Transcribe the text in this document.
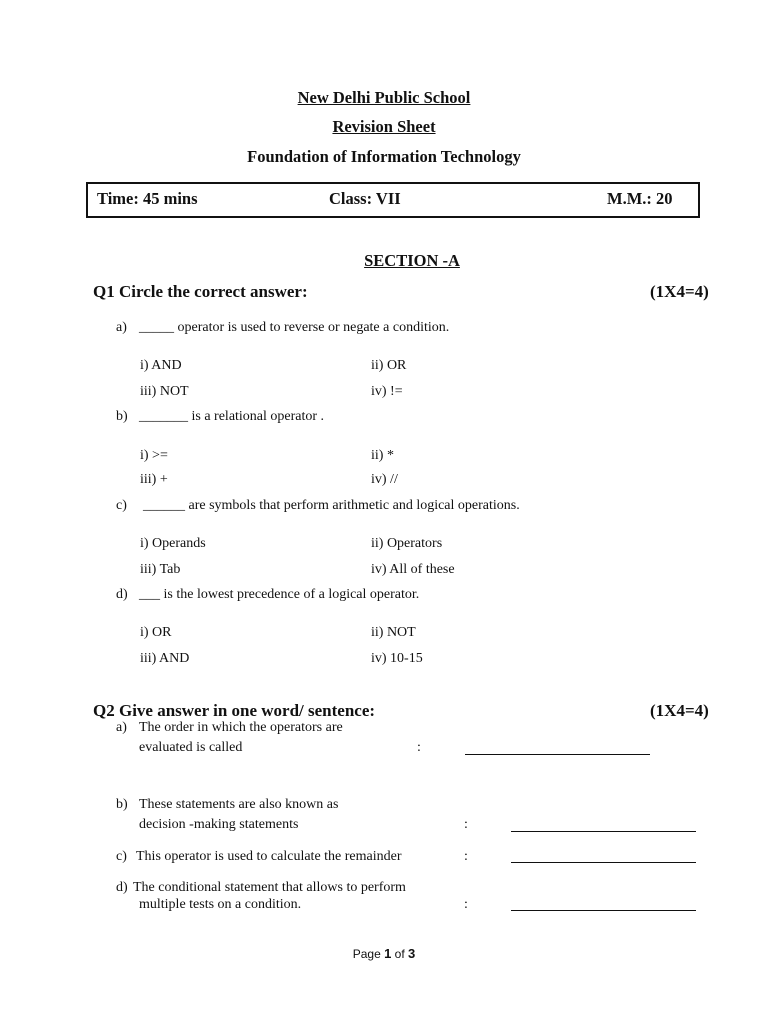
New Delhi Public School
Revision Sheet
Foundation of Information Technology
Time: 45 mins	Class: VII	M.M.: 20
SECTION -A
Q1 Circle the correct answer:	(1X4=4)
a) _____ operator is used to reverse or negate a condition.
i) AND	ii) OR
iii) NOT	iv) !=
b) _______ is a relational operator .
i) >=	ii) *
iii) +	iv) //
c) ______ are symbols that perform arithmetic and logical operations.
i) Operands	ii) Operators
iii) Tab	iv) All of these
d) ___ is the lowest precedence of a logical operator.
i) OR	ii) NOT
iii) AND	iv) 10-15
Q2 Give answer in one word/ sentence:	(1X4=4)
a) The order in which the operators are
evaluated is called	:
b) These statements are also known as
decision -making statements	:
c) This operator is used to calculate the remainder	:
d) The conditional statement that allows to perform
multiple tests on a condition.	:
Page 1 of 3
